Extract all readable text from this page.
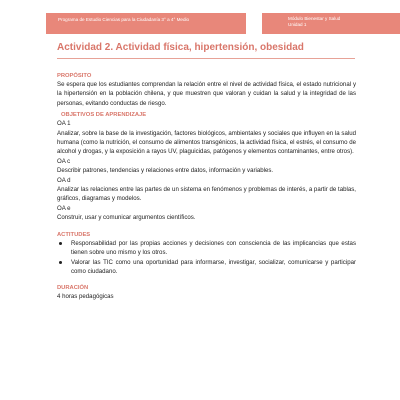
Programa de Estudio Ciencias para la Ciudadanía 3° a 4° Medio	Módulo Bienestar y Salud
Unidad 1
Actividad 2. Actividad física, hipertensión, obesidad

PROPÓSITO

Se espera que los estudiantes comprendan la relación entre el nivel de actividad física, el estado nutricional y la hipertensión en la población chilena, y que muestren que valoran y cuidan la salud y la integridad de las personas, evitando conductas de riesgo.

OBJETIVOS DE APRENDIZAJE

OA 1
Analizar, sobre la base de la investigación, factores biológicos, ambientales y sociales que influyen en la salud humana (como la nutrición, el consumo de alimentos transgénicos, la actividad física, el estrés, el consumo de alcohol y drogas, y la exposición a rayos UV, plaguicidas, patógenos y elementos contaminantes, entre otros).
OA c
Describir patrones, tendencias y relaciones entre datos, información y variables.
OA d
Analizar las relaciones entre las partes de un sistema en fenómenos y problemas de interés, a partir de tablas, gráficos, diagramas y modelos.
OA e
Construir, usar y comunicar argumentos científicos.

ACTITUDES

Responsabilidad por las propias acciones y decisiones con consciencia de las implicancias que estas tienen sobre uno mismo y los otros.
Valorar las TIC como una oportunidad para informarse, investigar, socializar, comunicarse y participar como ciudadano.

DURACIÓN

4 horas pedagógicas
